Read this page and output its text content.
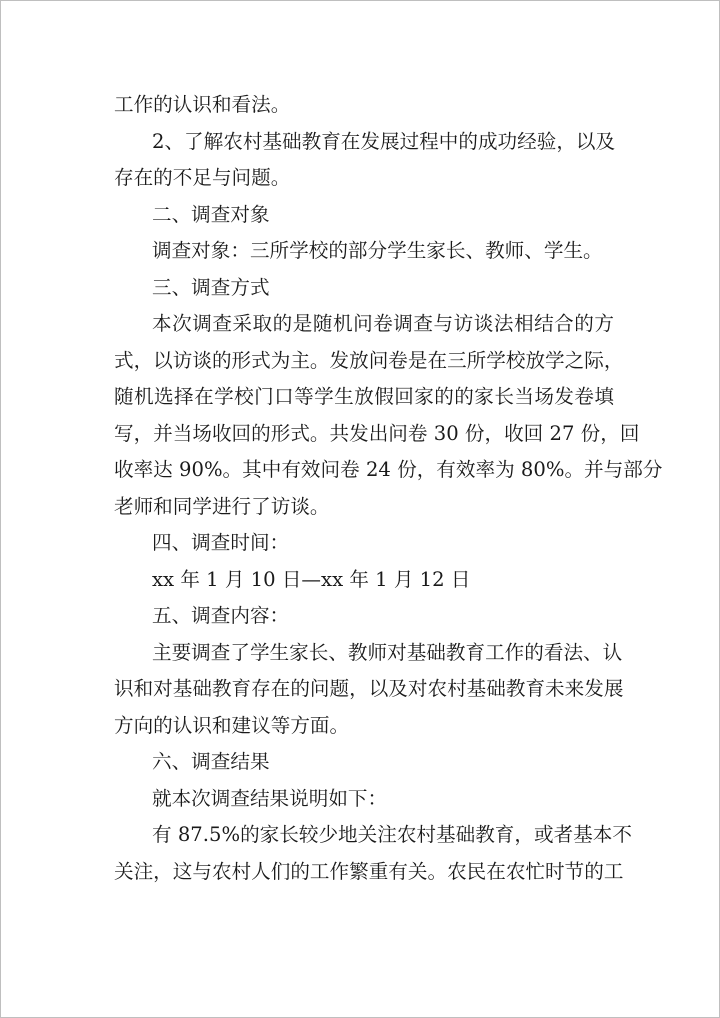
工作的认识和看法。
2、了解农村基础教育在发展过程中的成功经验，以及
存在的不足与问题。
二、调查对象
调查对象：三所学校的部分学生家长、教师、学生。
三、调查方式
本次调查采取的是随机问卷调查与访谈法相结合的方
式，以访谈的形式为主。发放问卷是在三所学校放学之际，
随机选择在学校门口等学生放假回家的的家长当场发卷填
写，并当场收回的形式。共发出问卷 30 份，收回 27 份，回
收率达 90%。其中有效问卷 24 份，有效率为 80%。并与部分
老师和同学进行了访谈。
四、调查时间：
xx 年 1 月 10 日—xx 年 1 月 12 日
五、调查内容：
主要调查了学生家长、教师对基础教育工作的看法、认
识和对基础教育存在的问题，以及对农村基础教育未来发展
方向的认识和建议等方面。
六、调查结果
就本次调查结果说明如下：
有 87.5%的家长较少地关注农村基础教育，或者基本不
关注，这与农村人们的工作繁重有关。农民在农忙时节的工
